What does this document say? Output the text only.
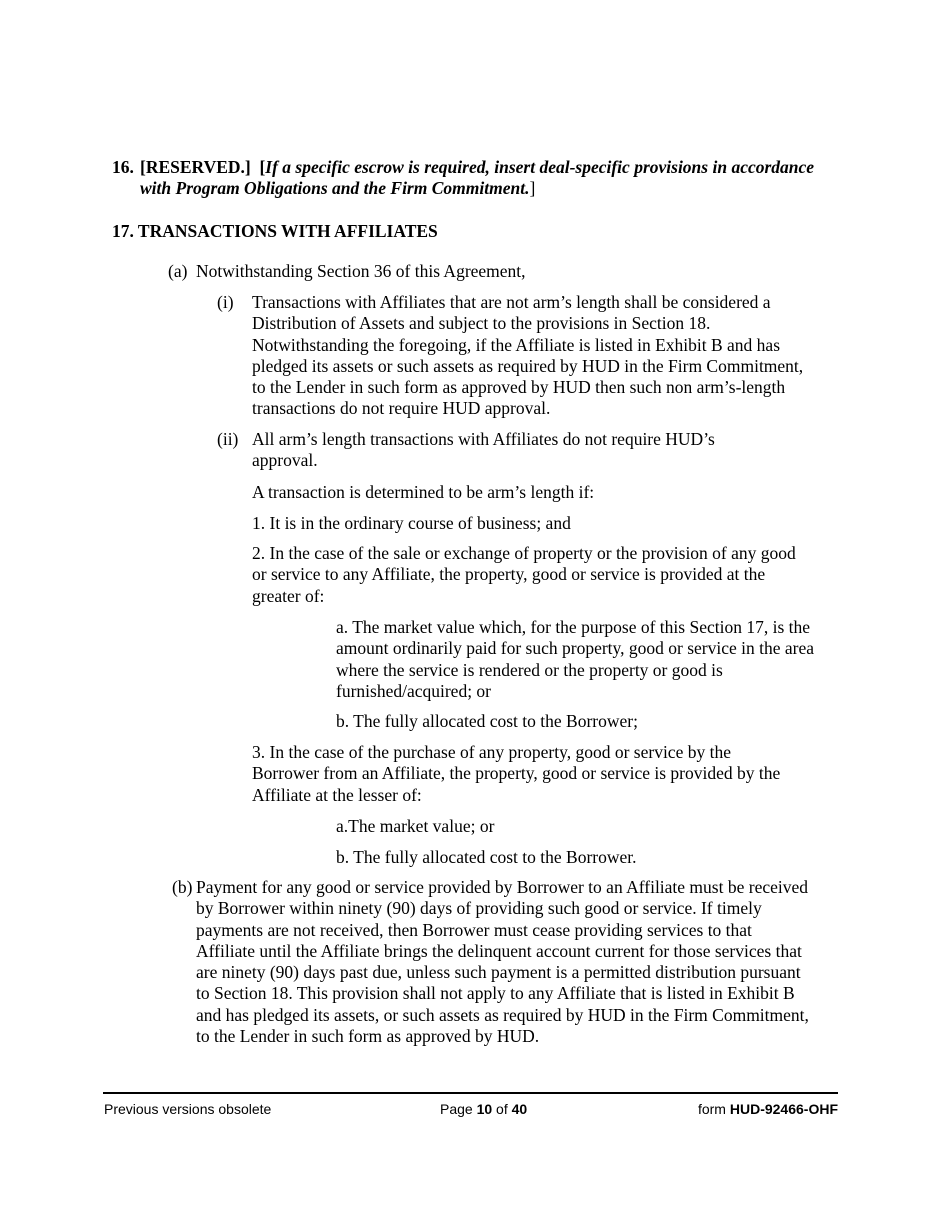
16. [RESERVED.] [If a specific escrow is required, insert deal-specific provisions in accordance with Program Obligations and the Firm Commitment.]
17. TRANSACTIONS WITH AFFILIATES
(a) Notwithstanding Section 36 of this Agreement,
(i) Transactions with Affiliates that are not arm’s length shall be considered a Distribution of Assets and subject to the provisions in Section 18. Notwithstanding the foregoing, if the Affiliate is listed in Exhibit B and has pledged its assets or such assets as required by HUD in the Firm Commitment, to the Lender in such form as approved by HUD then such non arm’s-length transactions do not require HUD approval.
(ii) All arm’s length transactions with Affiliates do not require HUD’s approval.
A transaction is determined to be arm’s length if:
1. It is in the ordinary course of business; and
2. In the case of the sale or exchange of property or the provision of any good or service to any Affiliate, the property, good or service is provided at the greater of:
a. The market value which, for the purpose of this Section 17, is the amount ordinarily paid for such property, good or service in the area where the service is rendered or the property or good is furnished/acquired; or
b. The fully allocated cost to the Borrower;
3. In the case of the purchase of any property, good or service by the Borrower from an Affiliate, the property, good or service is provided by the Affiliate at the lesser of:
a.The market value; or
b. The fully allocated cost to the Borrower.
(b) Payment for any good or service provided by Borrower to an Affiliate must be received by Borrower within ninety (90) days of providing such good or service. If timely payments are not received, then Borrower must cease providing services to that Affiliate until the Affiliate brings the delinquent account current for those services that are ninety (90) days past due, unless such payment is a permitted distribution pursuant to Section 18. This provision shall not apply to any Affiliate that is listed in Exhibit B and has pledged its assets, or such assets as required by HUD in the Firm Commitment, to the Lender in such form as approved by HUD.
Previous versions obsolete	Page 10 of 40	form HUD-92466-OHF
